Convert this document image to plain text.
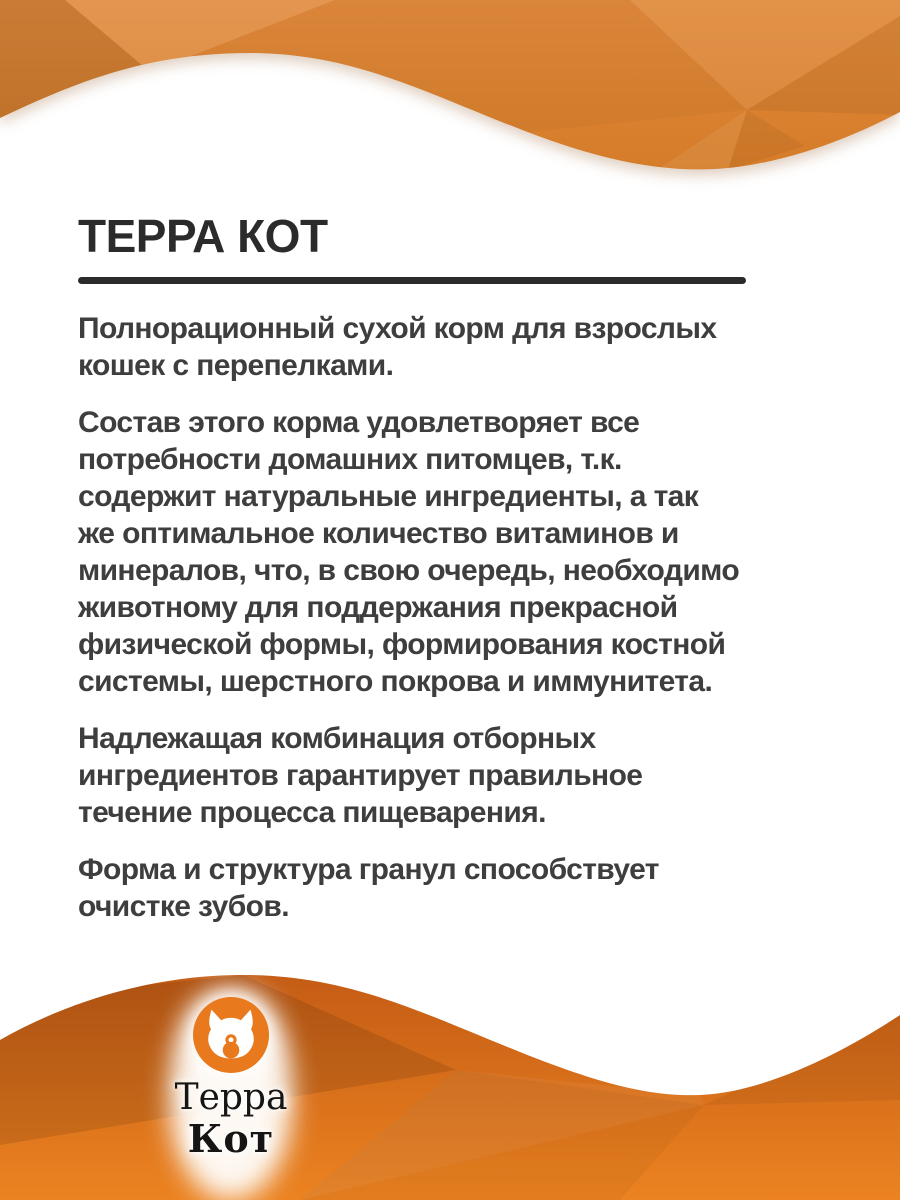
ТЕРРА КОТ

Полнорационный сухой корм для взрослых
кошек с перепелками.

Состав этого корма удовлетворяет все
потребности домашних питомцев, т.к.
содержит натуральные ингредиенты, а так
же оптимальное количество витаминов и
минералов, что, в свою очередь, необходимо
животному для поддержания прекрасной
физической формы, формирования костной
системы, шерстного покрова и иммунитета.

Надлежащая комбинация отборных
ингредиентов гарантирует правильное
течение процесса пищеварения.

Форма и структура гранул способствует
очистке зубов.

Терра
Кот
